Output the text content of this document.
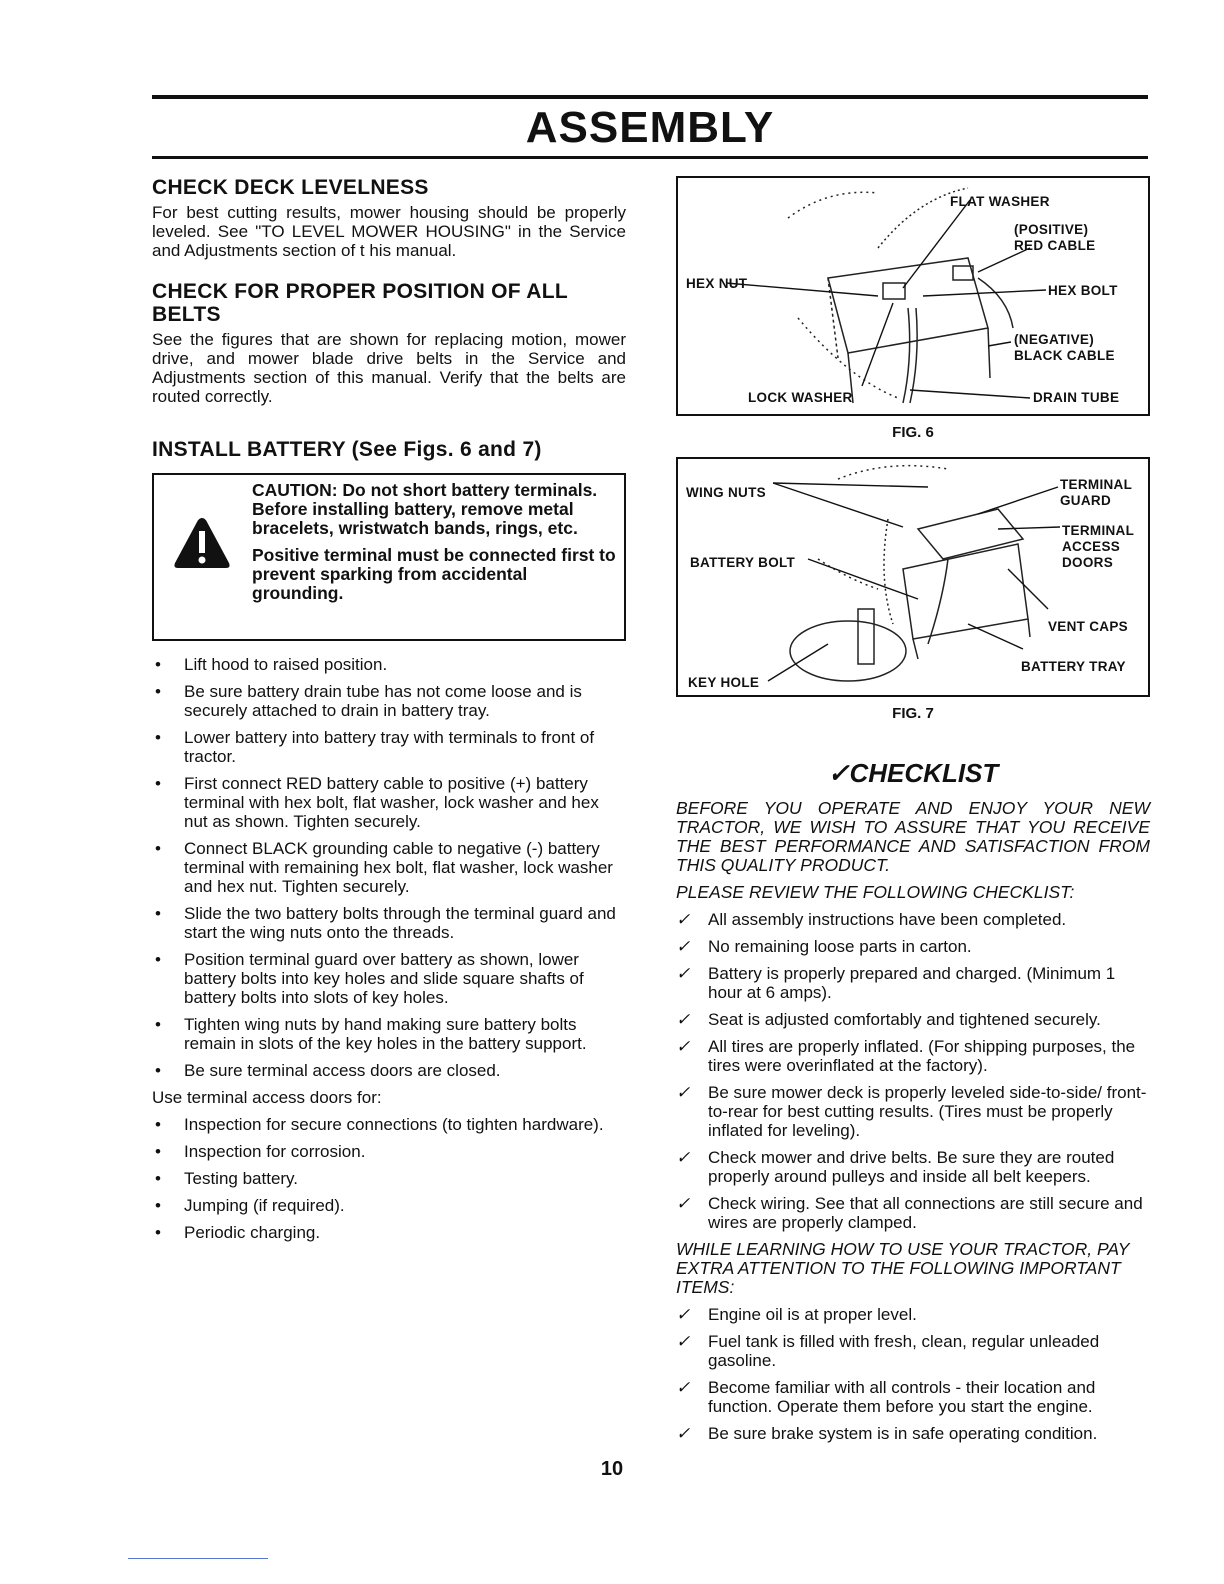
ASSEMBLY
CHECK DECK LEVELNESS

For best cutting results, mower housing should be properly leveled. See "TO LEVEL MOWER HOUSING" in the Service and Adjustments section of t his manual.

CHECK FOR PROPER POSITION OF ALL BELTS

See the figures that are shown for replacing motion, mower drive, and mower blade drive belts in the Service and Adjustments section of this manual. Verify that the belts are routed correctly.

INSTALL BATTERY (See Figs. 6 and 7)

CAUTION: Do not short battery terminals. Before installing battery, remove metal bracelets, wristwatch bands, rings, etc.

Positive terminal must be connected first to prevent sparking from accidental grounding.

• Lift hood to raised position.
• Be sure battery drain tube has not come loose and is securely attached to drain in battery tray.
• Lower battery into battery tray with terminals to front of tractor.
• First connect RED battery cable to positive (+) battery terminal with hex bolt, flat washer, lock washer and hex nut as shown. Tighten securely.
• Connect BLACK grounding cable to negative (-) battery terminal with remaining hex bolt, flat washer, lock washer and hex nut. Tighten securely.
• Slide the two battery bolts through the terminal guard and start the wing nuts onto the threads.
• Position terminal guard over battery as shown, lower battery bolts into key holes and slide square shafts of battery bolts into slots of key holes.
• Tighten wing nuts by hand making sure battery bolts remain in slots of the key holes in the battery support.
• Be sure terminal access doors are closed.

Use terminal access doors for:

• Inspection for secure connections (to tighten hardware).
• Inspection for corrosion.
• Testing battery.
• Jumping (if required).
• Periodic charging.
FLAT WASHER
(POSITIVE)
RED CABLE
HEX NUT	HEX BOLT
(NEGATIVE)
BLACK CABLE
LOCK WASHER	DRAIN TUBE
FIG. 6
WING NUTS
TERMINAL
GUARD
TERMINAL
ACCESS
DOORS
BATTERY BOLT
VENT CAPS
BATTERY TRAY
KEY HOLE
FIG. 7
✓CHECKLIST

BEFORE YOU OPERATE AND ENJOY YOUR NEW TRACTOR, WE WISH TO ASSURE THAT YOU RECEIVE THE BEST PERFORMANCE AND SATISFACTION FROM THIS QUALITY PRODUCT.

PLEASE REVIEW THE FOLLOWING CHECKLIST:

✓ All assembly instructions have been completed.
✓ No remaining loose parts in carton.
✓ Battery is properly prepared and charged. (Minimum 1 hour at 6 amps).
✓ Seat is adjusted comfortably and tightened securely.
✓ All tires are properly inflated. (For shipping purposes, the tires were overinflated at the factory).
✓ Be sure mower deck is properly leveled side-to-side/ front-to-rear for best cutting results. (Tires must be properly inflated for leveling).
✓ Check mower and drive belts. Be sure they are routed properly around pulleys and inside all belt keepers.
✓ Check wiring. See that all connections are still secure and wires are properly clamped.

WHILE LEARNING HOW TO USE YOUR TRACTOR, PAY EXTRA ATTENTION TO THE FOLLOWING IMPORTANT ITEMS:

✓ Engine oil is at proper level.
✓ Fuel tank is filled with fresh, clean, regular unleaded gasoline.
✓ Become familiar with all controls - their location and function. Operate them before you start the engine.
✓ Be sure brake system is in safe operating condition.
10
